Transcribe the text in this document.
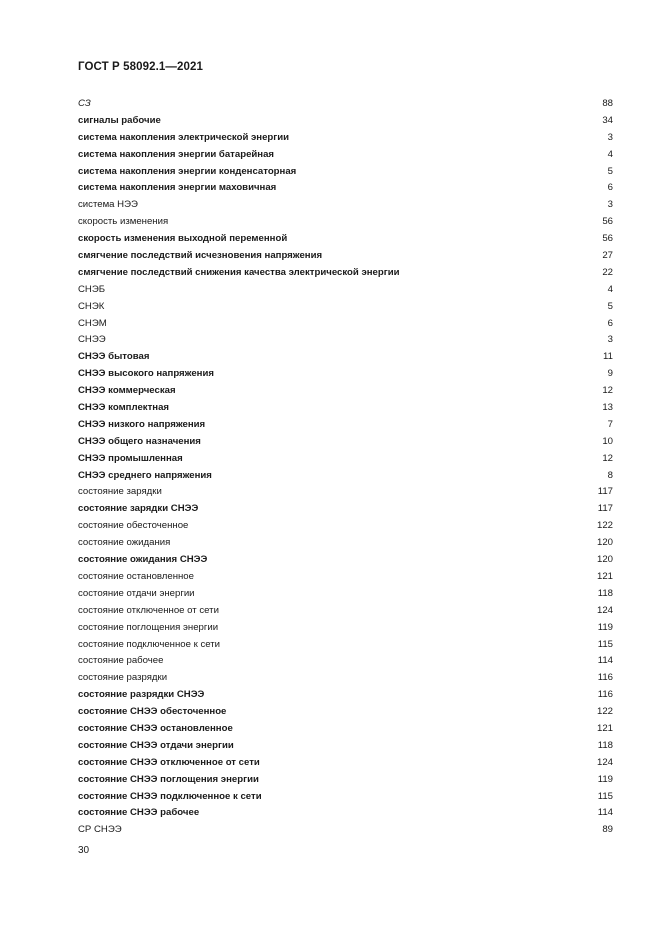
ГОСТ Р 58092.1—2021
СЗ	88
сигналы рабочие	34
система накопления электрической энергии	3
система накопления энергии батарейная	4
система накопления энергии конденсаторная	5
система накопления энергии маховичная	6
система НЭЭ	3
скорость изменения	56
скорость изменения выходной переменной	56
смягчение последствий исчезновения напряжения	27
смягчение последствий снижения качества электрической энергии	22
СНЭБ	4
СНЭК	5
СНЭМ	6
СНЭЭ	3
СНЭЭ бытовая	11
СНЭЭ высокого напряжения	9
СНЭЭ коммерческая	12
СНЭЭ комплектная	13
СНЭЭ низкого напряжения	7
СНЭЭ общего назначения	10
СНЭЭ промышленная	12
СНЭЭ среднего напряжения	8
состояние зарядки	117
состояние зарядки СНЭЭ	117
состояние обесточенное	122
состояние ожидания	120
состояние ожидания СНЭЭ	120
состояние остановленное	121
состояние отдачи энергии	118
состояние отключенное от сети	124
состояние поглощения энергии	119
состояние подключенное к сети	115
состояние рабочее	114
состояние разрядки	116
состояние разрядки СНЭЭ	116
состояние СНЭЭ обесточенное	122
состояние СНЭЭ остановленное	121
состояние СНЭЭ отдачи энергии	118
состояние СНЭЭ отключенное от сети	124
состояние СНЭЭ поглощения энергии	119
состояние СНЭЭ подключенное к сети	115
состояние СНЭЭ рабочее	114
СР СНЭЭ	89
30
